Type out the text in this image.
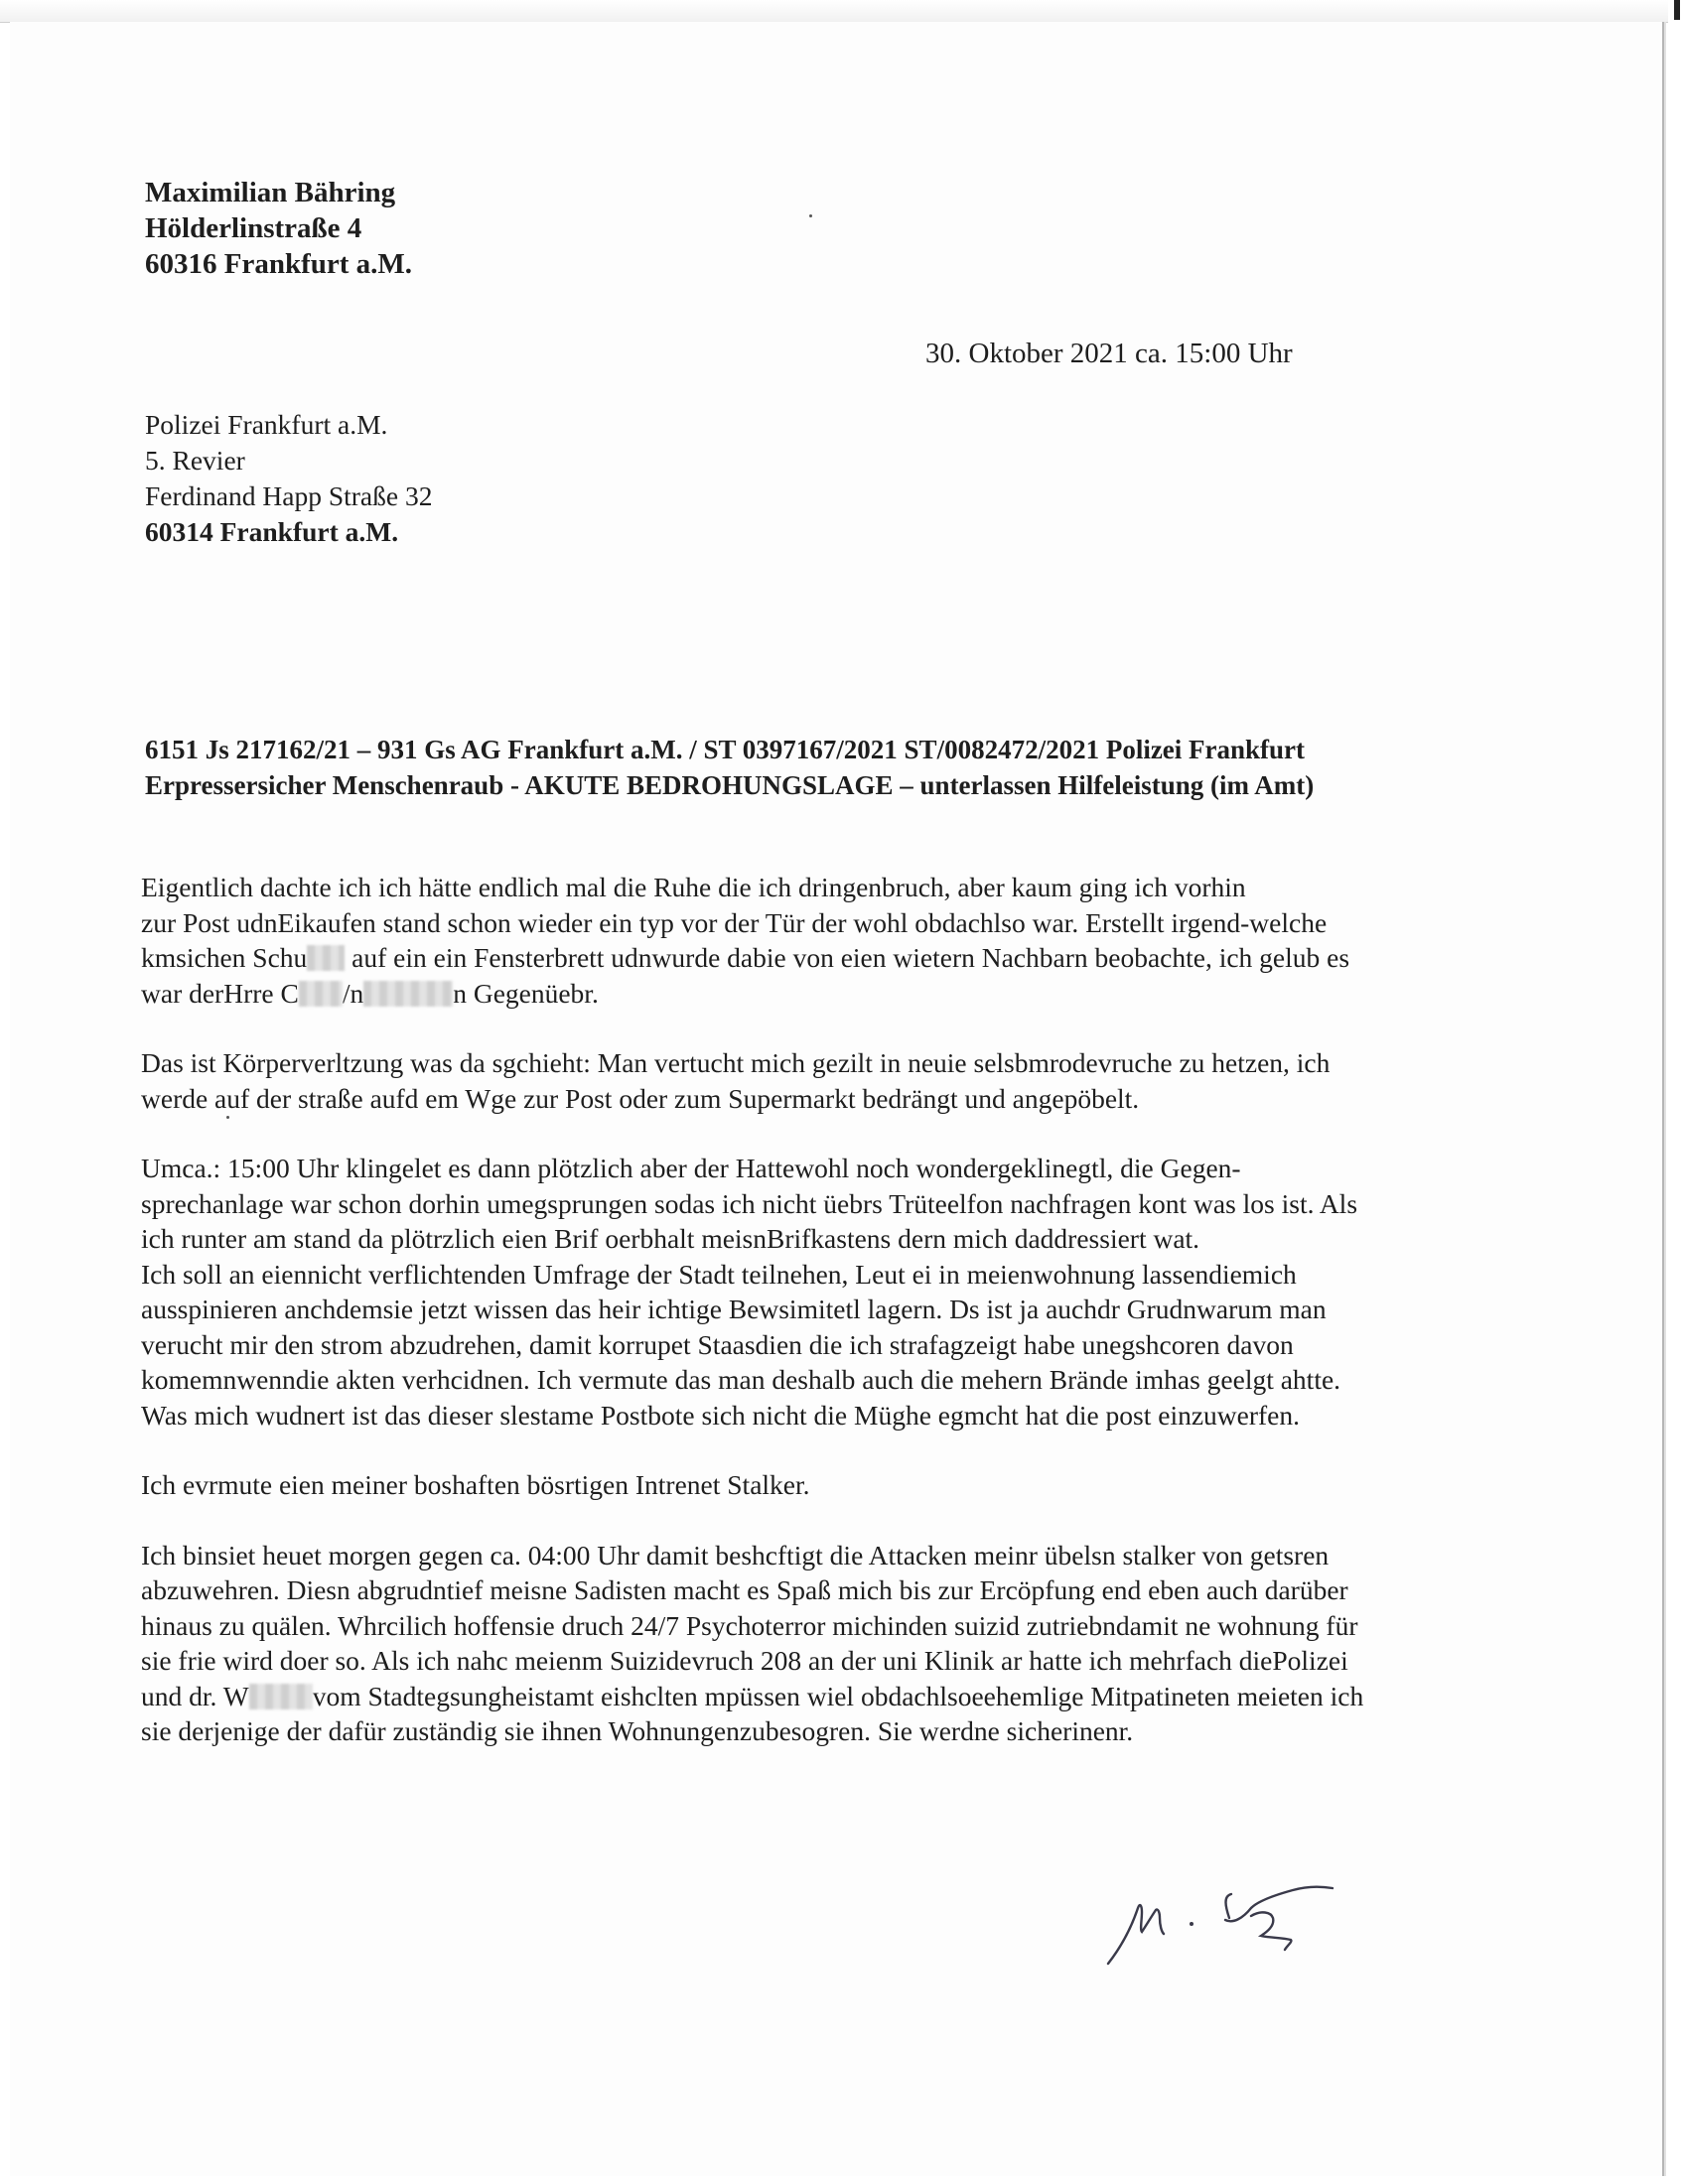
Maximilian Bähring
Hölderlinstraße 4
60316 Frankfurt a.M.
30. Oktober 2021 ca. 15:00 Uhr
Polizei Frankfurt a.M.
5. Revier
Ferdinand Happ Straße 32
60314 Frankfurt a.M.
6151 Js 217162/21 – 931 Gs AG Frankfurt a.M. / ST 0397167/2021 ST/0082472/2021 Polizei Frankfurt
Erpressersicher Menschenraub - AKUTE BEDROHUNGSLAGE – unterlassen Hilfeleistung (im Amt)
Eigentlich dachte ich ich hätte endlich mal die Ruhe die ich dringenbruch, aber kaum ging ich vorhin
zur Post udnEikaufen stand schon wieder ein typ vor der Tür der wohl obdachlso war. Erstellt irgend-welche
kmsichen Schu auf ein ein Fensterbrett udnwurde dabie von eien wietern Nachbarn beobachte, ich gelub es
war derHrre C /n	n Gegenüebr.
Das ist Körperverltzung was da sgchieht: Man vertucht mich gezilt in neuie selsbmrodevruche zu hetzen, ich
werde auf der straße aufd em Wge zur Post oder zum Supermarkt bedrängt und angepöbelt.
Umca.: 15:00 Uhr klingelet es dann plötzlich aber der Hattewohl noch wondergeklinegtl, die Gegen-
sprechanlage war schon dorhin umegsprungen sodas ich nicht üebrs Trüteelfon nachfragen kont was los ist. Als
ich runter am stand da plötrzlich eien Brif oerbhalt meisnBrifkastens dern mich daddressiert wat.
Ich soll an eiennicht verflichtenden Umfrage der Stadt teilnehen, Leut ei in meienwohnung lassendiemich
ausspinieren anchdemsie jetzt wissen das heir ichtige Bewsimitetl lagern. Ds ist ja auchdr Grudnwarum man
verucht mir den strom abzudrehen, damit korrupet Staasdien die ich strafagzeigt habe unegshcoren davon
komemnwenndie akten verhcidnen. Ich vermute das man deshalb auch die mehern Brände imhas geelgt ahtte.
Was mich wudnert ist das dieser slestame Postbote sich nicht die Müghe egmcht hat die post einzuwerfen.
Ich evrmute eien meiner boshaften bösrtigen Intrenet Stalker.
Ich binsiet heuet morgen gegen ca. 04:00 Uhr damit beshcftigt die Attacken meinr übelsn stalker von getsren
abzuwehren. Diesn abgrudntief meisne Sadisten macht es Spaß mich bis zur Ercöpfung end eben auch darüber
hinaus zu quälen. Whrcilich hoffensie druch 24/7 Psychoterror michinden suizid zutriebndamit ne wohnung für
sie frie wird doer so. Als ich nahc meienm Suizidevruch 208 an der uni Klinik ar hatte ich mehrfach diePolizei
und dr. W vom Stadtegsungheistamt eishclten mpüssen wiel obdachlsoeehemlige Mitpatineten meieten ich
sie derjenige der dafür zuständig sie ihnen Wohnungenzubesogren. Sie werdne sicherinenr.
